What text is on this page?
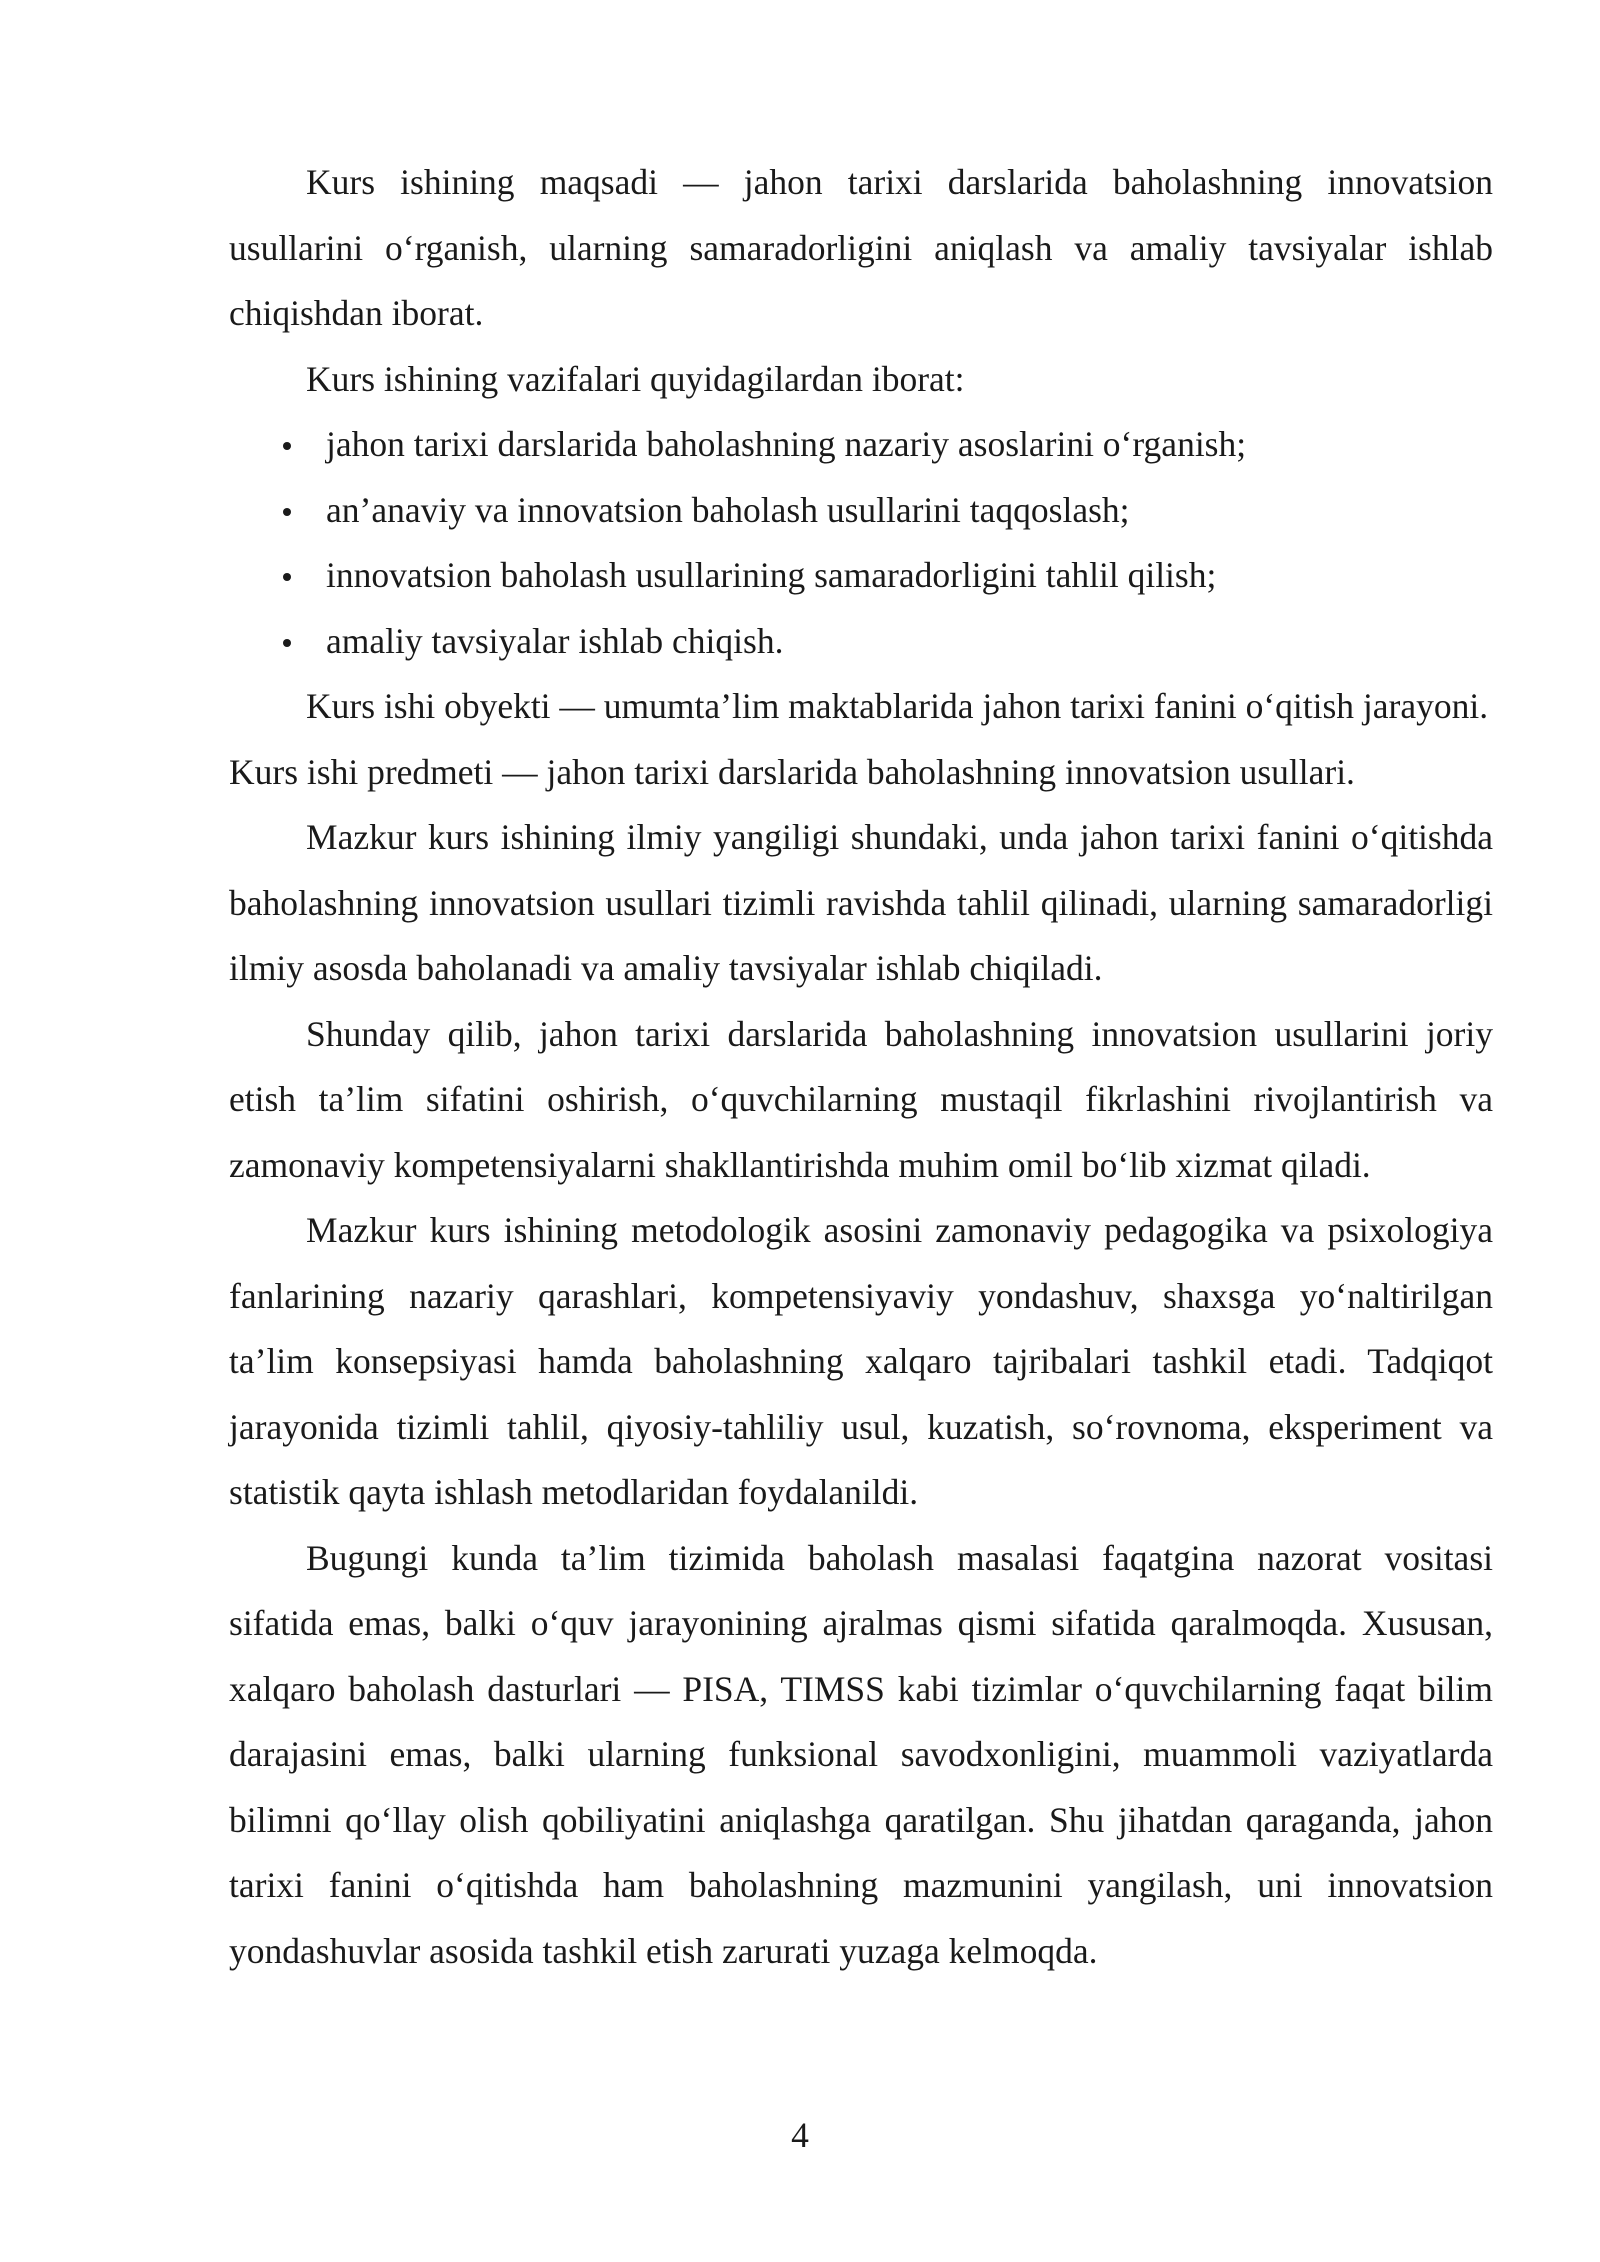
Kurs ishining maqsadi — jahon tarixi darslarida baholashning innovatsion usullarini o‘rganish, ularning samaradorligini aniqlash va amaliy tavsiyalar ishlab chiqishdan iborat.

Kurs ishining vazifalari quyidagilardan iborat:

jahon tarixi darslarida baholashning nazariy asoslarini o‘rganish;
an’anaviy va innovatsion baholash usullarini taqqoslash;
innovatsion baholash usullarining samaradorligini tahlil qilish;
amaliy tavsiyalar ishlab chiqish.

Kurs ishi obyekti — umumta’lim maktablarida jahon tarixi fanini o‘qitish jarayoni.

Kurs ishi predmeti — jahon tarixi darslarida baholashning innovatsion usullari.

Mazkur kurs ishining ilmiy yangiligi shundaki, unda jahon tarixi fanini o‘qitishda baholashning innovatsion usullari tizimli ravishda tahlil qilinadi, ularning samaradorligi ilmiy asosda baholanadi va amaliy tavsiyalar ishlab chiqiladi.

Shunday qilib, jahon tarixi darslarida baholashning innovatsion usullarini joriy etish ta’lim sifatini oshirish, o‘quvchilarning mustaqil fikrlashini rivojlantirish va zamonaviy kompetensiyalarni shakllantirishda muhim omil bo‘lib xizmat qiladi.

Mazkur kurs ishining metodologik asosini zamonaviy pedagogika va psixologiya fanlarining nazariy qarashlari, kompetensiyaviy yondashuv, shaxsga yo‘naltirilgan ta’lim konsepsiyasi hamda baholashning xalqaro tajribalari tashkil etadi. Tadqiqot jarayonida tizimli tahlil, qiyosiy-tahliliy usul, kuzatish, so‘rovnoma, eksperiment va statistik qayta ishlash metodlaridan foydalanildi.

Bugungi kunda ta’lim tizimida baholash masalasi faqatgina nazorat vositasi sifatida emas, balki o‘quv jarayonining ajralmas qismi sifatida qaralmoqda. Xususan, xalqaro baholash dasturlari — PISA, TIMSS kabi tizimlar o‘quvchilarning faqat bilim darajasini emas, balki ularning funksional savodxonligini, muammoli vaziyatlarda bilimni qo‘llay olish qobiliyatini aniqlashga qaratilgan. Shu jihatdan qaraganda, jahon tarixi fanini o‘qitishda ham baholashning mazmunini yangilash, uni innovatsion yondashuvlar asosida tashkil etish zarurati yuzaga kelmoqda.

4
